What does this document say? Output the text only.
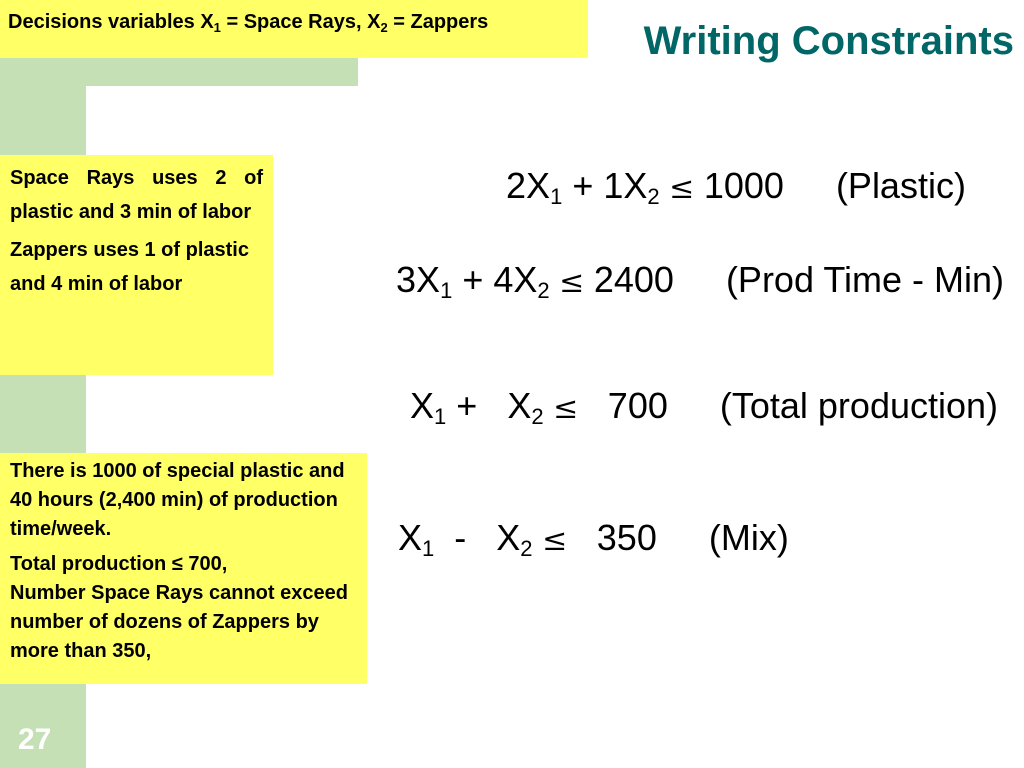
Decisions variables $X_1$ = Space Rays, $X_2$ = Zappers	Writing Constraints

Space Rays uses 2 of plastic and 3 min of labor

Zappers uses 1 of plastic and 4 min of labor

There is 1000 of special plastic and 40 hours (2,400 min) of production time/week.

Total production ≤ 700,
Number Space Rays cannot exceed number of dozens of Zappers by more than 350,

$2X_1 + 1X_2 \le 1000$ (Plastic)

$3X_1 + 4X_2 \le 2400$ (Prod Time - Min)

$X_1 + X_2 \le 700$ (Total production)

$X_1 - X_2 \le 350$ (Mix)

27
